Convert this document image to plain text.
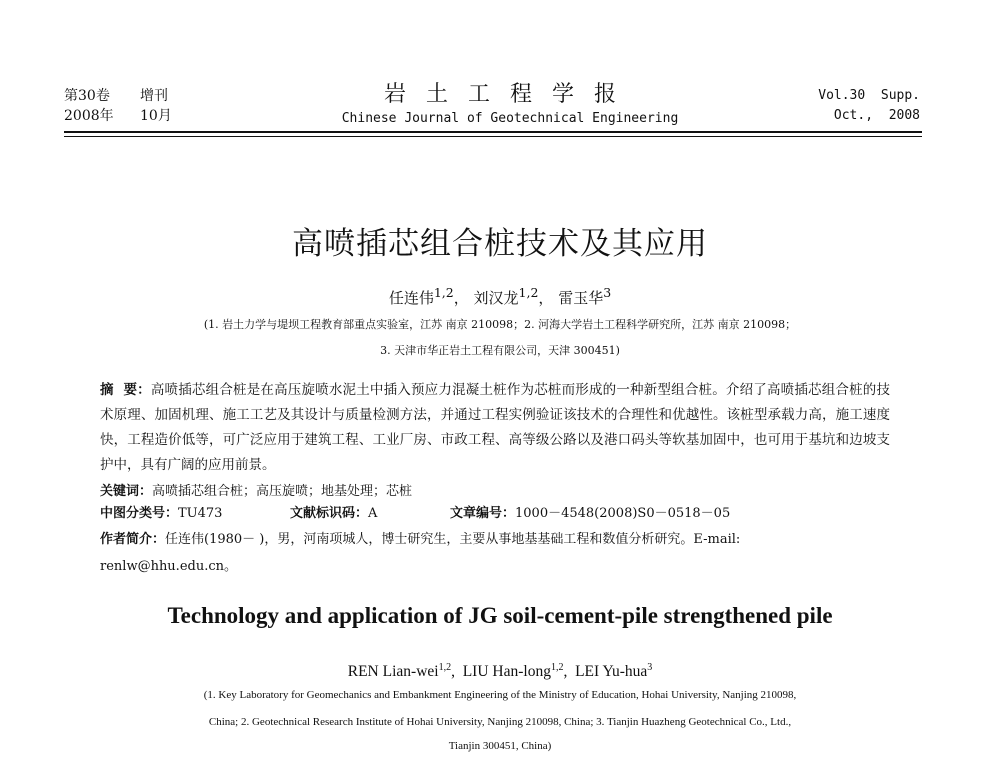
第30卷 增刊
2008年 10月
岩土工程学报
Chinese Journal of Geotechnical Engineering
Vol.30  Supp.
Oct.,  2008
高喷插芯组合桩技术及其应用
任连伟$^{1,2}$， 刘汉龙$^{1,2}$， 雷玉华$^3$
(1. 岩土力学与堤坝工程教育部重点实验室，江苏 南京 210098；2. 河海大学岩土工程科学研究所，江苏 南京 210098；
3. 天津市华正岩土工程有限公司，天津 300451)
摘  要：高喷插芯组合桩是在高压旋喷水泥土中插入预应力混凝土桩作为芯桩而形成的一种新型组合桩。介绍了高喷插芯组合桩的技术原理、加固机理、施工工艺及其设计与质量检测方法，并通过工程实例验证该技术的合理性和优越性。该桩型承载力高，施工速度快，工程造价低等，可广泛应用于建筑工程、工业厂房、市政工程、高等级公路以及港口码头等软基加固中，也可用于基坑和边坡支护中，具有广阔的应用前景。
关键词：高喷插芯组合桩；高压旋喷；地基处理；芯桩
中图分类号：TU473	文献标识码：A	文章编号：1000－4548(2008)S0－0518－05
作者简介：任连伟(1980－ )，男，河南项城人，博士研究生，主要从事地基基础工程和数值分析研究。E-mail:
renlw@hhu.edu.cn。
Technology and application of JG soil-cement-pile strengthened pile
REN Lian-wei$^{1,2}$,  LIU Han-long$^{1,2}$,  LEI Yu-hua$^3$
(1. Key Laboratory for Geomechanics and Embankment Engineering of the Ministry of Education, Hohai University, Nanjing 210098,
China; 2. Geotechnical Research Institute of Hohai University, Nanjing 210098, China; 3. Tianjin Huazheng Geotechnical Co., Ltd.,
Tianjin 300451, China)
